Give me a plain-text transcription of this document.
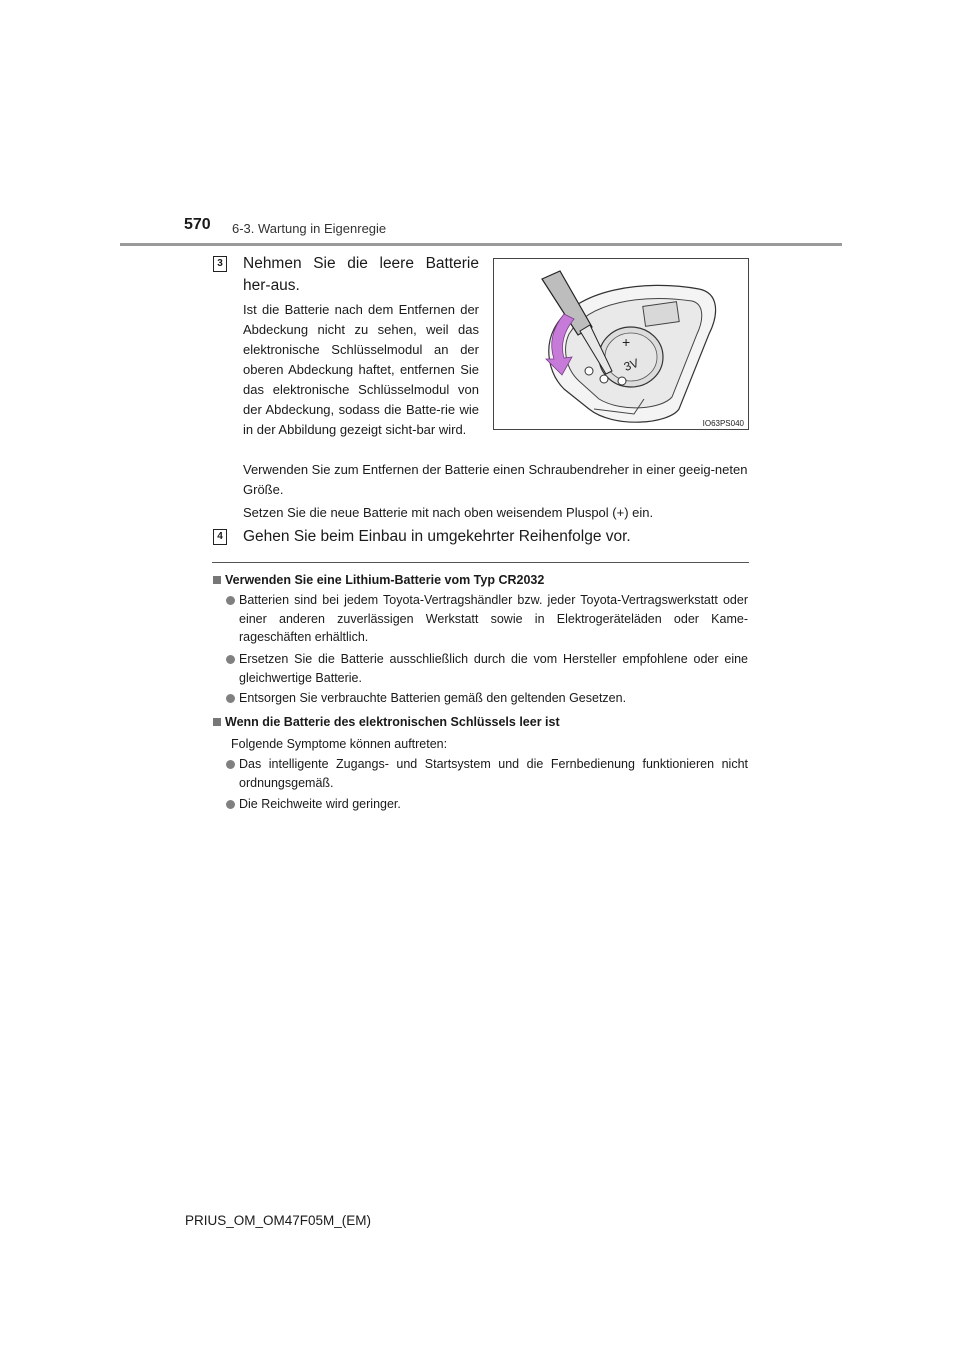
570 6-3. Wartung in Eigenregie
3 Nehmen Sie die leere Batterie her-aus.
Ist die Batterie nach dem Entfernen der Abdeckung nicht zu sehen, weil das elektronische Schlüsselmodul an der oberen Abdeckung haftet, entfernen Sie das elektronische Schlüsselmodul von der Abdeckung, sodass die Batte-rie wie in der Abbildung gezeigt sicht-bar wird.
+
3V
IO63PS040
Verwenden Sie zum Entfernen der Batterie einen Schraubendreher in einer geeig-neten Größe.
Setzen Sie die neue Batterie mit nach oben weisendem Pluspol (+) ein.
4 Gehen Sie beim Einbau in umgekehrter Reihenfolge vor.
Verwenden Sie eine Lithium-Batterie vom Typ CR2032
Batterien sind bei jedem Toyota-Vertragshändler bzw. jeder Toyota-Vertragswerkstatt oder einer anderen zuverlässigen Werkstatt sowie in Elektrogeräteläden oder Kame-rageschäften erhältlich.
Ersetzen Sie die Batterie ausschließlich durch die vom Hersteller empfohlene oder eine gleichwertige Batterie.
Entsorgen Sie verbrauchte Batterien gemäß den geltenden Gesetzen.
Wenn die Batterie des elektronischen Schlüssels leer ist
Folgende Symptome können auftreten:
Das intelligente Zugangs- und Startsystem und die Fernbedienung funktionieren nicht ordnungsgemäß.
Die Reichweite wird geringer.
PRIUS_OM_OM47F05M_(EM)
